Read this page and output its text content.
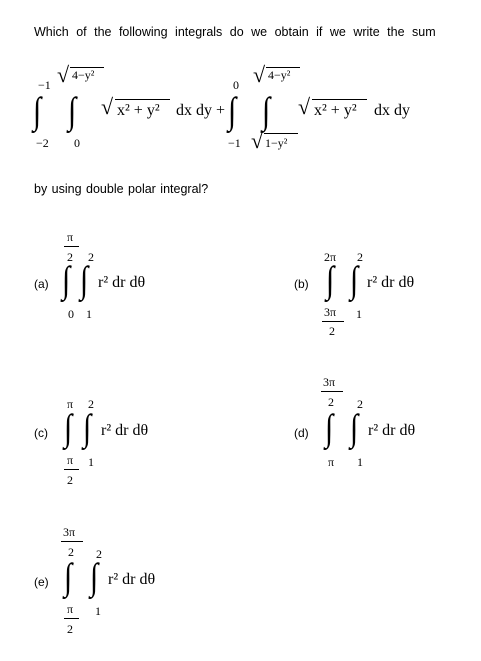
Which of the following integrals do we obtain if we write the sum
−1
−2
∫
√ 4−y²
0
∫ √ x² + y² dx dy +
0
−1
∫
√ 4−y²
∫
√ 1−y²
√ x² + y² dx dy
by using double polar integral?
(a)
π
2
0
∫
2
1
∫ r² dr dθ	(b)
2π
3π
2
∫
2
1
∫ r² dr dθ
(c)
π
π
2
∫
2
1
∫ r² dr dθ	(d)
3π
2
π
∫
2
1
∫ r² dr dθ
(e)
3π
2
π
2
∫
2
1
∫ r² dr dθ
